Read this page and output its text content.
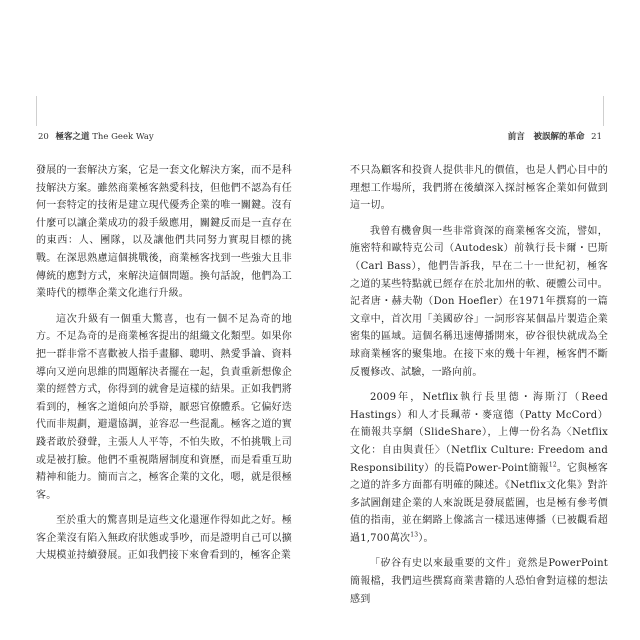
20 極客之道 The Geek Way	前言 被誤解的革命 21

發展的一套解決方案，它是一套文化解決方案，而不是科技解決方案。雖然商業極客熱愛科技，但他們不認為有任何一套特定的技術是建立現代優秀企業的唯一關鍵。沒有什麼可以讓企業成功的殺手級應用，關鍵反而是一直存在的東西：人、團隊，以及讓他們共同努力實現目標的挑戰。在深思熟慮這個挑戰後，商業極客找到一些強大且非傳統的應對方式，來解決這個問題。換句話說，他們為工業時代的標準企業文化進行升級。

這次升級有一個重大驚喜，也有一個不足為奇的地方。不足為奇的是商業極客提出的組織文化類型。如果你把一群非常不喜歡被人指手畫腳、聰明、熱愛爭論、資料導向又逆向思維的問題解決者擺在一起，負責重新想像企業的經營方式，你得到的就會是這樣的結果。正如我們將看到的，極客之道傾向於爭辯，厭惡官僚體系。它偏好迭代而非規劃，避還協調，並容忍一些混亂。極客之道的實踐者敢於發聲，主張人人平等，不怕失敗，不怕挑戰上司或是被打臉。他們不重視階層制度和資歷，而是看重互助精神和能力。簡而言之，極客企業的文化，嗯，就是很極客。

至於重大的驚喜則是這些文化還運作得如此之好。極客企業沒有陷入無政府狀態或爭吵，而是證明自己可以擴大規模並持續發展。正如我們接下來會看到的，極客企業

不只為顧客和投資人提供非凡的價值，也是人們心目中的理想工作場所，我們將在後續深入探討極客企業如何做到這一切。

我曾有機會與一些非常資深的商業極客交流，譬如，施密特和歐特克公司（Autodesk）前執行長卡爾・巴斯（Carl Bass），他們告訴我，早在二十一世紀初，極客之道的某些特點就已經存在於北加州的軟、硬體公司中。記者唐・赫夫勒（Don Hoefler）在1971年撰寫的一篇文章中，首次用「美國矽谷」一詞形容某個晶片製造企業密集的區域。這個名稱迅速傳播開來，矽谷很快就成為全球商業極客的聚集地。在接下來的幾十年裡，極客們不斷反覆修改、試驗，一路向前。

2009年，Netflix執行長里德・海斯汀（Reed Hastings）和人才長珮蒂・麥寇德（Patty McCord）在簡報共享網（SlideShare），上傳一份名為〈Netflix文化：自由與責任〉（Netflix Culture: Freedom and Responsibility）的長篇Power-Point簡報$^{12}$。它與極客之道的許多方面都有明確的陳述。《Netflix文化集》對許多試圖創建企業的人來說既是發展藍圖，也是極有參考價值的指南，並在網路上像謠言一樣迅速傳播（已被觀看超過1,700萬次$^{13}$）。

「矽谷有史以來最重要的文件」竟然是PowerPoint簡報檔，我們這些撰寫商業書籍的人恐怕會對這樣的想法感到
